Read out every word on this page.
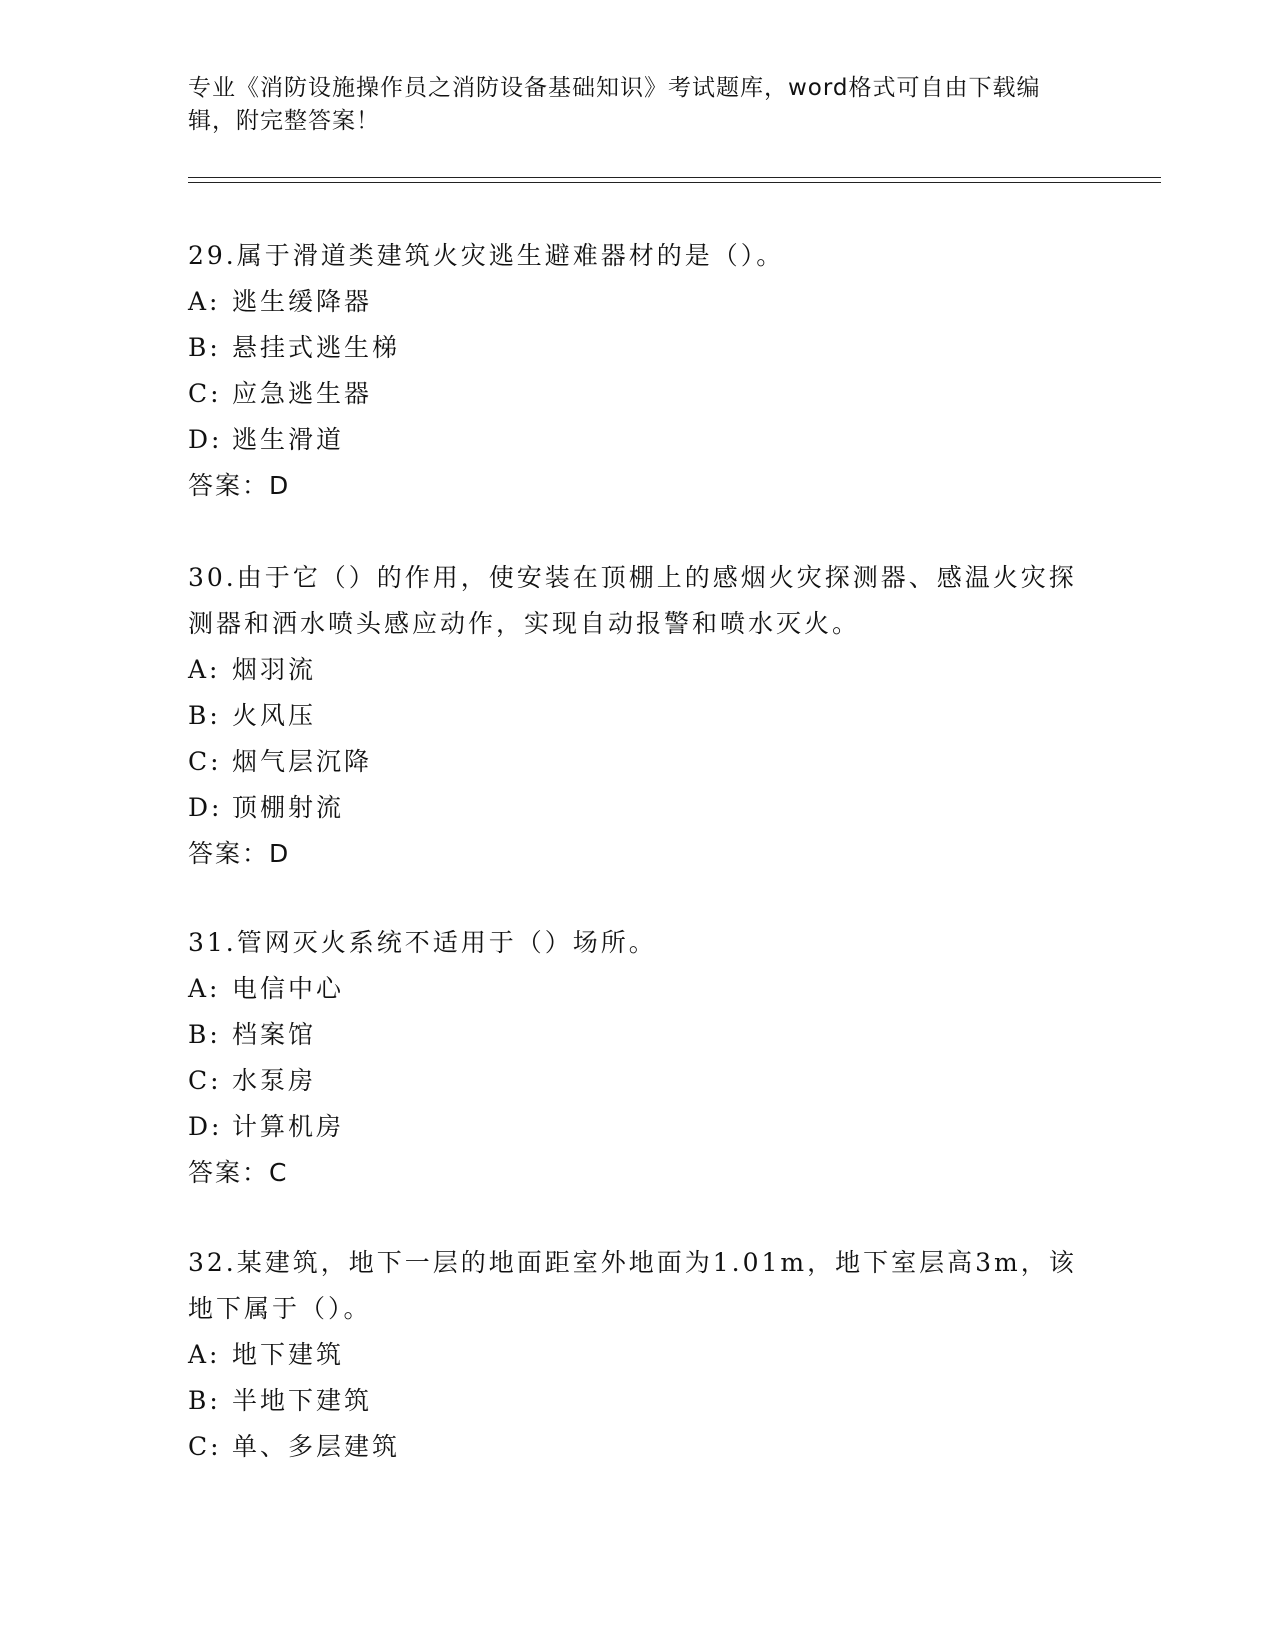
专业《消防设施操作员之消防设备基础知识》考试题库，word格式可自由下载编
辑，附完整答案！
29.属于滑道类建筑火灾逃生避难器材的是（）。
A: 逃生缓降器
B: 悬挂式逃生梯
C: 应急逃生器
D: 逃生滑道
答案：D
30.由于它（）的作用，使安装在顶棚上的感烟火灾探测器、感温火灾探测器和洒水喷头感应动作，实现自动报警和喷水灭火。
A: 烟羽流
B: 火风压
C: 烟气层沉降
D: 顶棚射流
答案：D
31.管网灭火系统不适用于（）场所。
A: 电信中心
B: 档案馆
C: 水泵房
D: 计算机房
答案：C
32.某建筑，地下一层的地面距室外地面为1.01m，地下室层高3m，该地下属于（）。
A: 地下建筑
B: 半地下建筑
C: 单、多层建筑
